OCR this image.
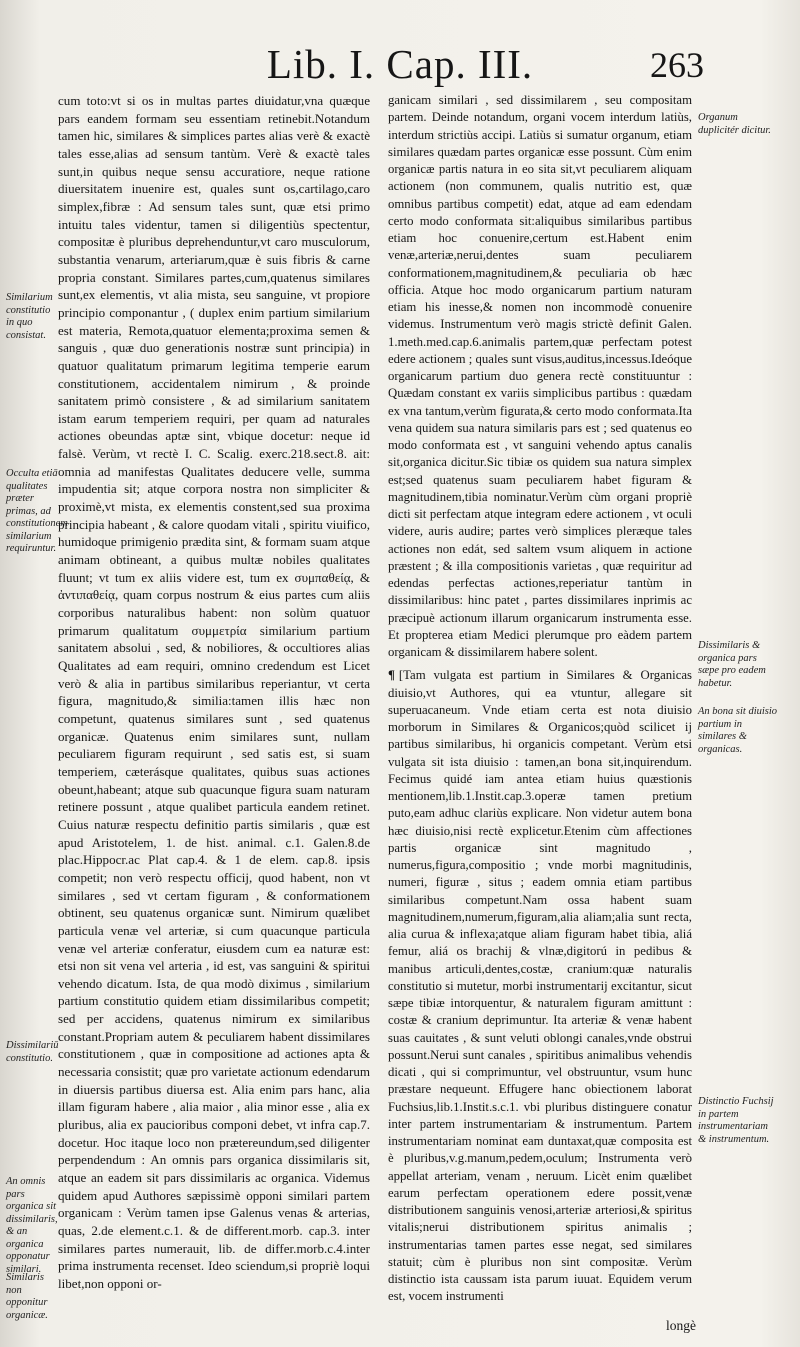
Lib. I. Cap. III.	263
Similarium constitutio in quo consistat.
Occulta etiā qualitates præter primas, ad constitutionem similarium requiruntur.
Dissimilariū constitutio.
An omnis pars organica sit dissimilaris, & an organica opponatur similari.
Similaris non opponitur organicæ.
Organum duplicitér dicitur.
Dissimilaris & organica pars sæpe pro eadem habetur.
An bona sit diuisio partium in similares & organicas.
Distinctio Fuchsij in partem instrumentariam & instrumentum.

cum toto:vt si os in multas partes diuidatur,vna quæque pars eandem formam seu essentiam retinebit.Notandum tamen hic, similares & simplices partes alias verè & exactè tales esse,alias ad sensum tantùm. Verè & exactè tales sunt,in quibus neque sensu accuratiore, neque ratione diuersitatem inuenire est, quales sunt os,cartilago,caro simplex,fibræ : Ad sensum tales sunt, quæ etsi primo intuitu tales videntur, tamen si diligentiùs spectentur, compositæ è pluribus deprehenduntur,vt caro musculorum, substantia venarum, arteriarum,quæ è suis fibris & carne propria constant. Similares partes,cum,quatenus similares sunt,ex elementis, vt alia mista, seu sanguine, vt propiore principio componantur , ( duplex enim partium similarium est materia, Remota,quatuor elementa;proxima semen & sanguis , quæ duo generationis nostræ sunt principia) in quatuor qualitatum primarum legitima temperie earum constitutionem, accidentalem nimirum , & proinde sanitatem primò consistere , & ad similarium sanitatem istam earum temperiem requiri, per quam ad naturales actiones obeundas aptæ sint, vbique docetur: neque id falsè. Verùm, vt rectè I. C. Scalig. exerc.218.sect.8. ait: omnia ad manifestas Qualitates deducere velle, summa impudentia sit; atque corpora nostra non simpliciter & proximè,vt mista, ex elementis constent,sed sua proxima principia habeant , & calore quodam vitali , spiritu viuifico, humidoque primigenio prædita sint, & formam suam atque animam obtineant, a quibus multæ nobiles qualitates fluunt; vt tum ex aliis videre est, tum ex συμπαθείᾳ, & ἀντιπαθείᾳ, quam corpus nostrum & eius partes cum aliis corporibus naturalibus habent: non solùm quatuor primarum qualitatum συμμετρία similarium partium sanitatem absolui , sed, & nobiliores, & occultiores alias Qualitates ad eam requiri, omnino credendum est Licet verò & alia in partibus similaribus reperiantur, vt certa figura, magnitudo,& similia:tamen illis hæc non competunt, quatenus similares sunt , sed quatenus organicæ. Quatenus enim similares sunt, nullam peculiarem figuram requirunt , sed satis est, si suam temperiem, cæterásque qualitates, quibus suas actiones obeunt,habeant; atque sub quacunque figura suam naturam retinere possunt , atque qualibet particula eandem retinet. Cuius naturæ respectu definitio partis similaris , quæ est apud Aristotelem, 1. de hist. animal. c.1. Galen.8.de plac.Hippocr.ac Plat cap.4. & 1 de elem. cap.8. ipsis competit; non verò respectu officij, quod habent, non vt similares , sed vt certam figuram , & conformationem obtinent, seu quatenus organicæ sunt. Nimirum quælibet particula venæ vel arteriæ, si cum quacunque particula venæ vel arteriæ conferatur, eiusdem cum ea naturæ est: etsi non sit vena vel arteria , id est, vas sanguini & spiritui vehendo dicatum. Ista, de qua modò diximus , similarium partium constitutio quidem etiam dissimilaribus competit; sed per accidens, quatenus nimirum ex similaribus constant.Propriam autem & peculiarem habent dissimilares constitutionem , quæ in compositione ad actiones apta & necessaria consistit; quæ pro varietate actionum edendarum in diuersis partibus diuersa est. Alia enim pars hanc, alia illam figuram habere , alia maior , alia minor esse , alia ex pluribus, alia ex paucioribus componi debet, vt infra cap.7. docetur. Hoc itaque loco non prætereundum,sed diligenter perpendendum : An omnis pars organica dissimilaris sit, atque an eadem sit pars dissimilaris ac organica. Videmus quidem apud Authores sæpissimè opponi similari partem organicam : Verùm tamen ipse Galenus venas & arterias, quas, 2.de element.c.1. & de different.morb. cap.3. inter similares partes numerauit, lib. de differ.morb.c.4.inter prima instrumenta recenset. Ideo sciendum,si propriè loqui libet,non opponi or-

ganicam similari , sed dissimilarem , seu compositam partem. Deinde notandum, organi vocem interdum latiùs, interdum strictiùs accipi. Latiùs si sumatur organum, etiam similares quædam partes organicæ esse possunt. Cùm enim organicæ partis natura in eo sita sit,vt peculiarem aliquam actionem (non communem, qualis nutritio est, quæ omnibus partibus competit) edat, atque ad eam edendam certo modo conformata sit:aliquibus similaribus partibus etiam hoc conuenire,certum est.Habent enim venæ,arteriæ,nerui,dentes suam peculiarem conformationem,magnitudinem,& peculiaria ob hæc officia. Atque hoc modo organicarum partium naturam etiam his inesse,& nomen non incommodè conuenire videmus. Instrumentum verò magis strictè definit Galen. 1.meth.med.cap.6.animalis partem,quæ perfectam potest edere actionem ; quales sunt visus,auditus,incessus.Ideóque organicarum partium duo genera rectè constituuntur : Quædam constant ex variis simplicibus partibus : quædam ex vna tantum,verùm figurata,& certo modo conformata.Ita vena quidem sua natura similaris pars est ; sed quatenus eo modo conformata est , vt sanguini vehendo aptus canalis sit,organica dicitur.Sic tibiæ os quidem sua natura simplex est;sed quatenus suam peculiarem habet figuram & magnitudinem,tibia nominatur.Verùm cùm organi propriè dicti sit perfectam atque integram edere actionem , vt oculi videre, auris audire; partes verò simplices pleræque tales actiones non edát, sed saltem vsum aliquem in actione præstent ; & illa compositionis varietas , quæ requiritur ad edendas perfectas actiones,reperiatur tantùm in dissimilaribus: hinc patet , partes dissimilares inprimis ac præcipuè actionum illarum organicarum instrumenta esse. Et propterea etiam Medici plerumque pro eàdem partem organicam & dissimilarem habere solent.

¶ [Tam vulgata est partium in Similares & Organicas diuisio,vt Authores, qui ea vtuntur, allegare sit superuacaneum. Vnde etiam certa est nota diuisio morborum in Similares & Organicos;quòd scilicet ij partibus similaribus, hi organicis competant. Verùm etsi vulgata sit ista diuisio : tamen,an bona sit,inquirendum. Fecimus quidé iam antea etiam huius quæstionis mentionem,lib.1.Instit.cap.3.operæ tamen pretium puto,eam adhuc clariùs explicare. Non videtur autem bona hæc diuisio,nisi rectè explicetur.Etenim cùm affectiones partis organicæ sint magnitudo , numerus,figura,compositio ; vnde morbi magnitudinis, numeri, figuræ , situs ; eadem omnia etiam partibus similaribus competunt.Nam ossa habent suam magnitudinem,numerum,figuram,alia aliam;alia sunt recta, alia curua & inflexa;atque aliam figuram habet tibia, aliá femur, aliá os brachij & vlnæ,digitorú in pedibus & manibus articuli,dentes,costæ, cranium:quæ naturalis constitutio si mutetur, morbi instrumentarij excitantur, sicut sæpe tibiæ intorquentur, & naturalem figuram amittunt : costæ & cranium deprimuntur. Ita arteriæ & venæ habent suas cauitates , & sunt veluti oblongi canales,vnde obstrui possunt.Nerui sunt canales , spiritibus animalibus vehendis dicati , qui si comprimuntur, vel obstruuntur, vsum hunc præstare nequeunt. Effugere hanc obiectionem laborat Fuchsius,lib.1.Instit.s.c.1. vbi pluribus distinguere conatur inter partem instrumentariam & instrumentum. Partem instrumentariam nominat eam duntaxat,quæ composita est è pluribus,v.g.manum,pedem,oculum; Instrumenta verò appellat arteriam, venam , neruum. Licèt enim quælibet earum perfectam operationem edere possit,venæ distributionem sanguinis venosi,arteriæ arteriosi,& spiritus vitalis;nerui distributionem spiritus animalis ; instrumentarias tamen partes esse negat, sed similares statuit; cùm è pluribus non sint compositæ. Verùm distinctio ista caussam ista parum iuuat. Equidem verum est, vocem instrumenti

longè
